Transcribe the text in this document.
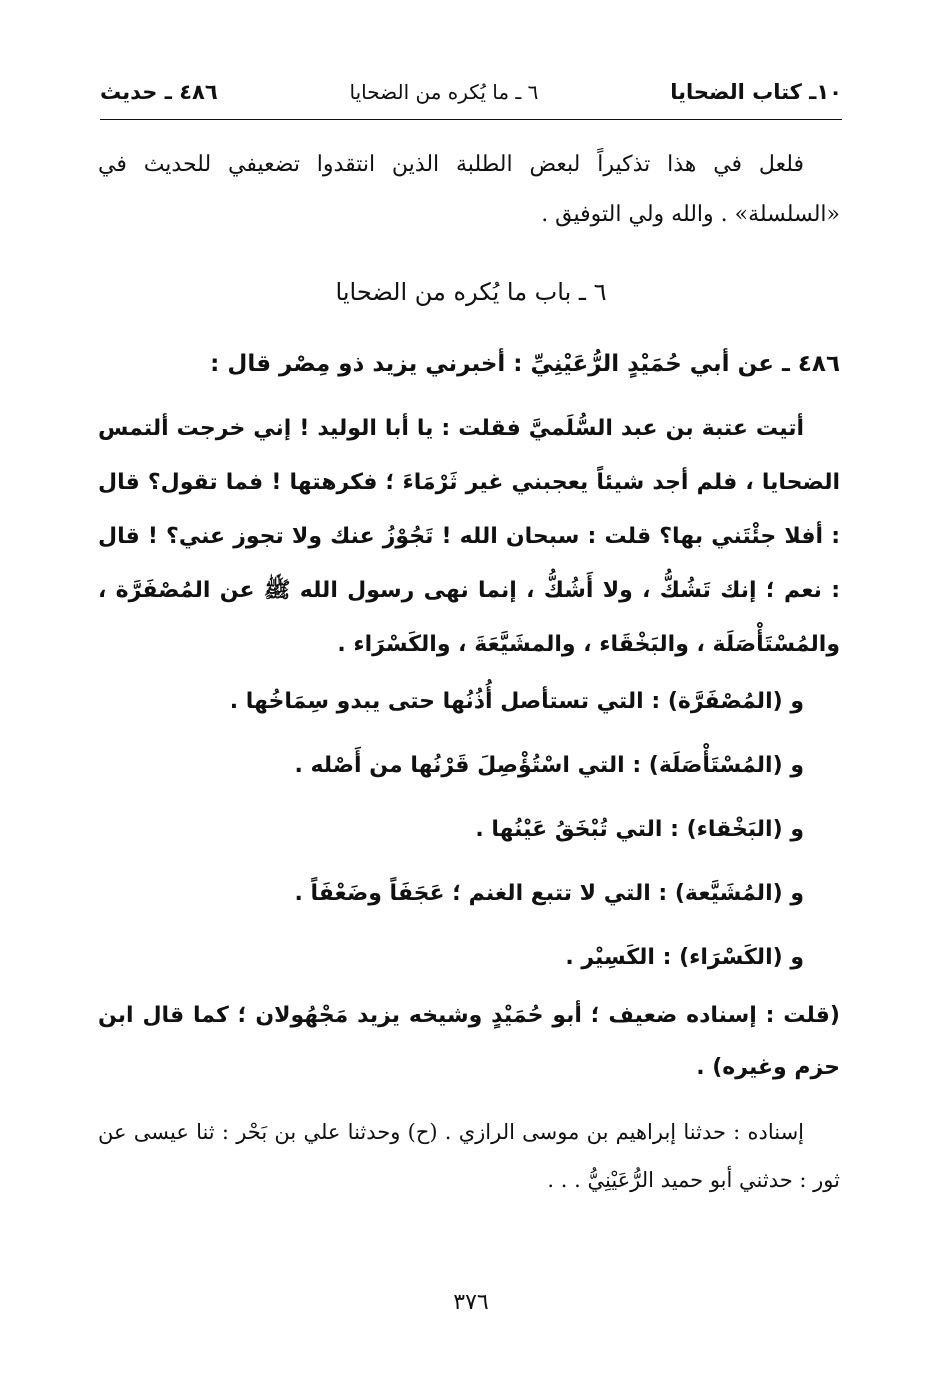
١٠ـ كتاب الضحايا
٦ ـ ما يُكره من الضحايا
٤٨٦ ـ حديث

فلعل في هذا تذكيراً لبعض الطلبة الذين انتقدوا تضعيفي للحديث في «السلسلة» . والله ولي التوفيق .

٦ ـ باب ما يُكره من الضحايا
٤٨٦ ـ عن أبي حُمَيْدٍ الرُّعَيْنِيِّ : أخبرني يزيد ذو مِصْر قال :

أتيت عتبة بن عبد السُّلَميَّ فقلت : يا أبا الوليد ! إني خرجت ألتمس الضحايا ، فلم أجد شيئاً يعجبني غير ثَرْمَاءَ ؛ فكرهتها ! فما تقول؟ قال : أفلا جئْتَني بها؟ قلت : سبحان الله ! تَجُوْزُ عنك ولا تجوز عني؟ ! قال : نعم ؛ إنك تَشُكُّ ، ولا أَشُكُّ ، إنما نهى رسول الله ﷺ عن المُصْفَرَّة ، والمُسْتَأْصَلَة ، والبَخْقَاء ، والمشَيَّعَةَ ، والكَسْرَاء .

و (المُصْفَرَّة) : التي تستأصل أُذُنُها حتى يبدو سِمَاخُها .

و (المُسْتَأْصَلَة) : التي اسْتُؤْصِلَ قَرْنُها من أَصْله .

و (البَخْقاء) : التي تُبْخَقُ عَيْنُها .

و (المُشَيَّعة) : التي لا تتبع الغنم ؛ عَجَفَاً وضَعْفَاً .

و (الكَسْرَاء) : الكَسِيْر .

(قلت : إسناده ضعيف ؛ أبو حُمَيْدٍ وشيخه يزيد مَجْهُولان ؛ كما قال ابن حزم وغيره) .

إسناده : حدثنا إبراهيم بن موسى الرازي . (ح) وحدثنا علي بن بَحْر : ثنا عيسى عن ثور : حدثني أبو حميد الرُّعَيْنِيُّ . . .

٣٧٦
